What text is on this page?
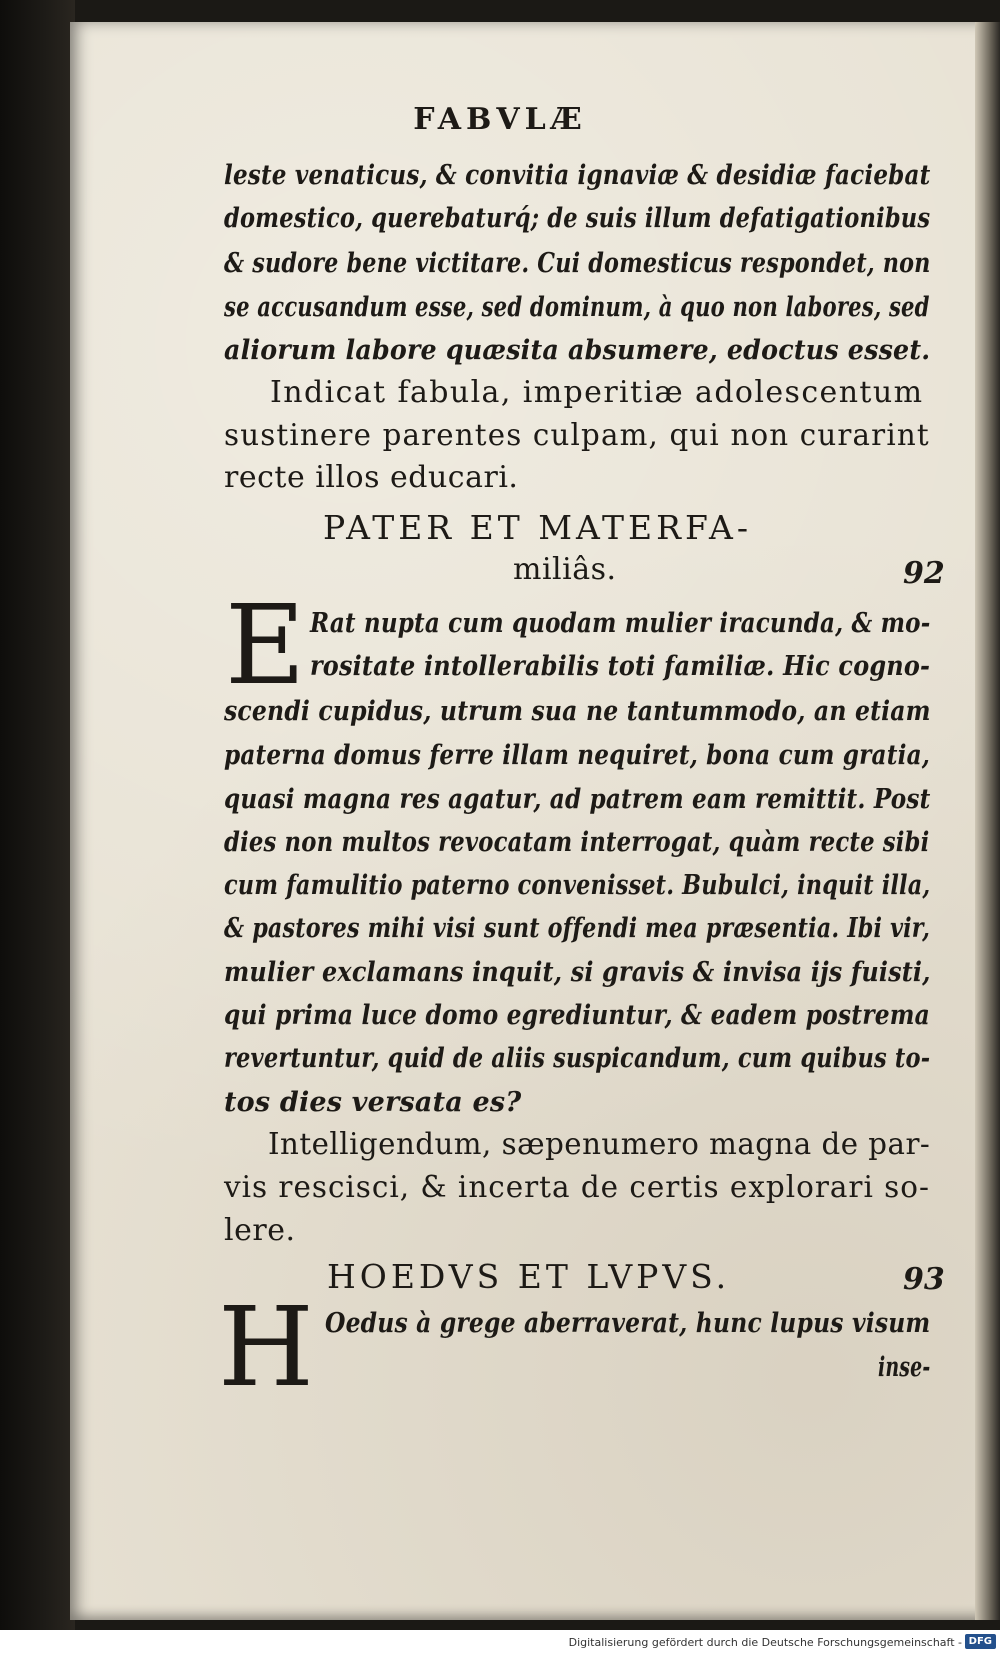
FABVLÆ
leste venaticus, & convitia ignaviæ & desidiæ faciebat
domestico, querebaturq́; de suis illum defatigationibus
& sudore bene victitare. Cui domesticus respondet, non
se accusandum esse, sed dominum, à quo non labores, sed
aliorum labore quæsita absumere, edoctus esset.
Indicat fabula, imperitiæ adolescentum
sustinere parentes culpam, qui non curarint
recte illos educari.
PATER ET MATERFA-
miliâs.	92
E Rat nupta cum quodam mulier iracunda, & mo-
rositate intollerabilis toti familiæ. Hic cogno-
scendi cupidus, utrum sua ne tantummodo, an etiam
paterna domus ferre illam nequiret, bona cum gratia,
quasi magna res agatur, ad patrem eam remittit. Post
dies non multos revocatam interrogat, quàm recte sibi
cum famulitio paterno convenisset. Bubulci, inquit illa,
& pastores mihi visi sunt offendi mea præsentia. Ibi vir,
mulier exclamans inquit, si gravis & invisa ijs fuisti,
qui prima luce domo egrediuntur, & eadem postrema
revertuntur, quid de aliis suspicandum, cum quibus to-
tos dies versata es?
Intelligendum, sæpenumero magna de par-
vis rescisci, & incerta de certis explorari so-
lere.
HOEDVS ET LVPVS.	93
H Oedus à grege aberraverat, hunc lupus visum
inse-
Digitalisierung gefördert durch die Deutsche Forschungsgemeinschaft - DFG
